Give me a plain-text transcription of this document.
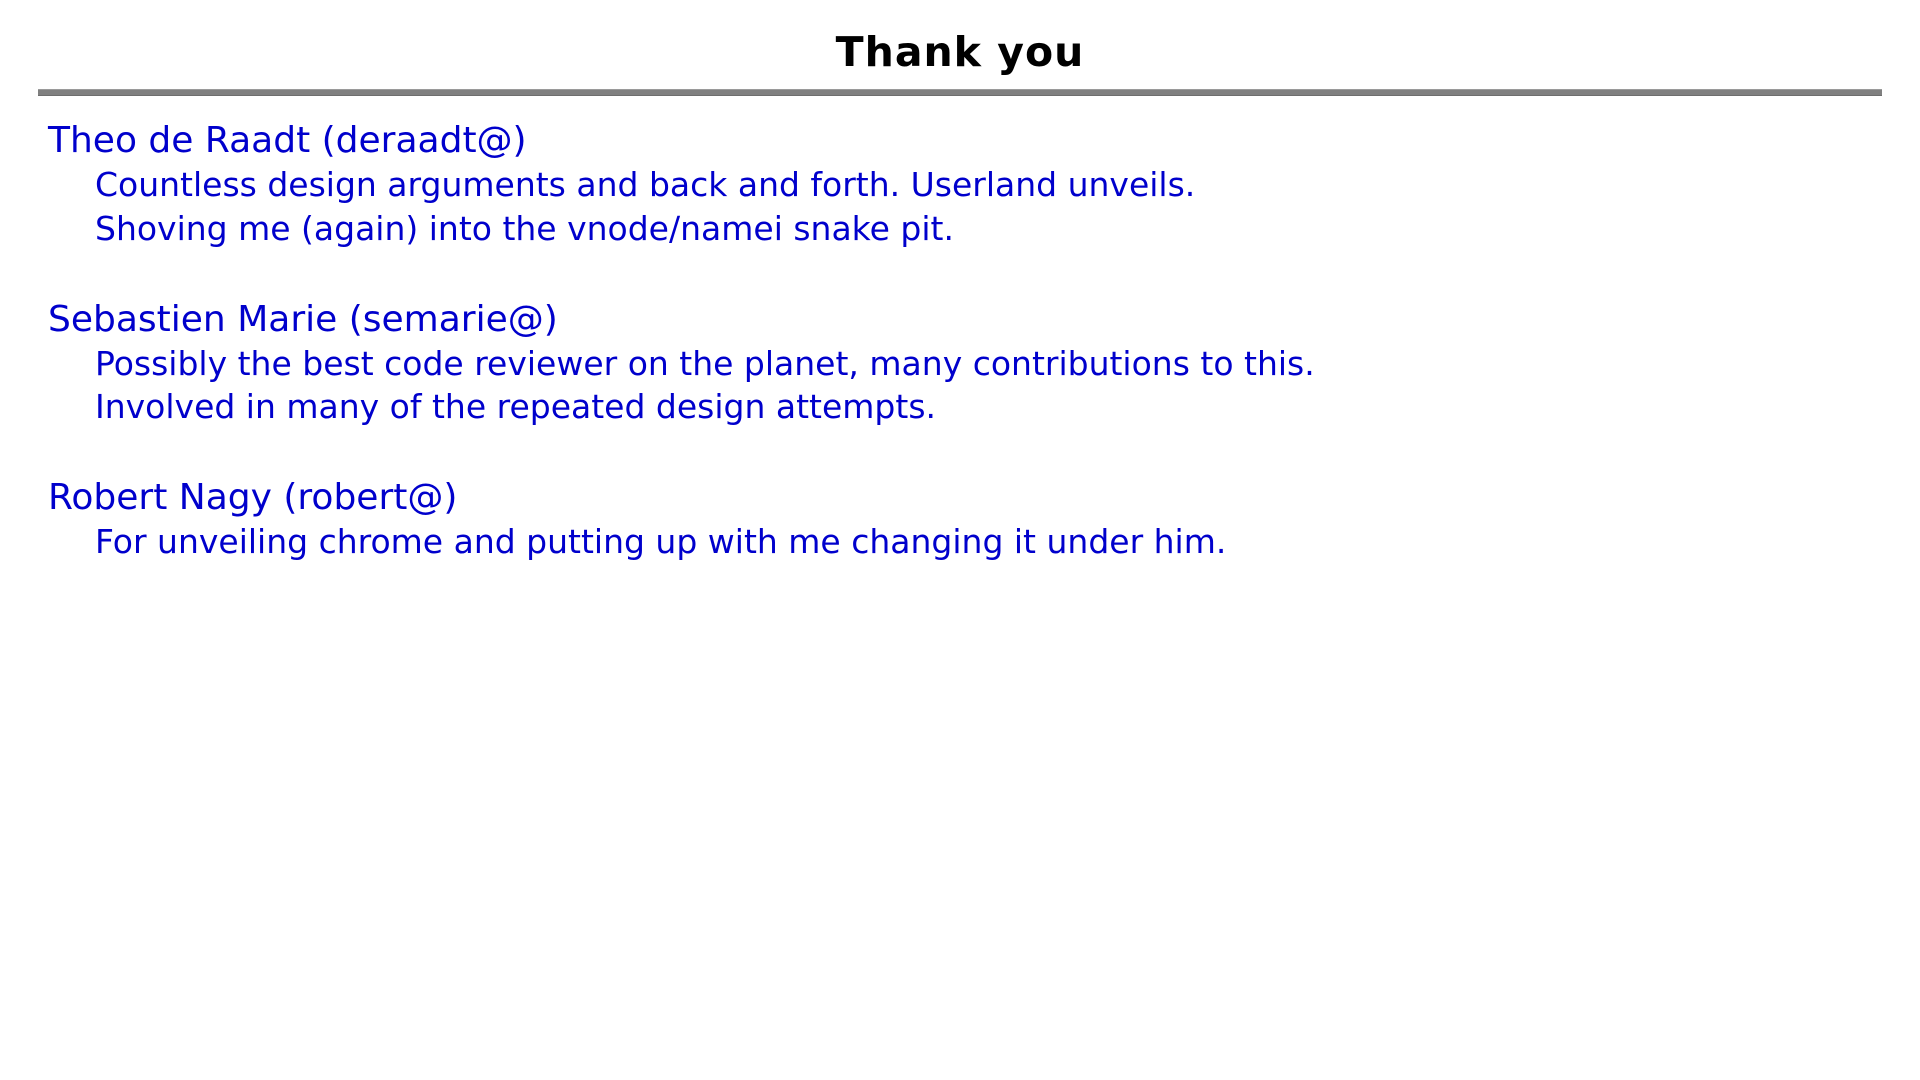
Thank you
Theo de Raadt (deraadt@)
Countless design arguments and back and forth. Userland unveils.
Shoving me (again) into the vnode/namei snake pit.
Sebastien Marie (semarie@)
Possibly the best code reviewer on the planet, many contributions to this.
Involved in many of the repeated design attempts.
Robert Nagy (robert@)
For unveiling chrome and putting up with me changing it under him.
